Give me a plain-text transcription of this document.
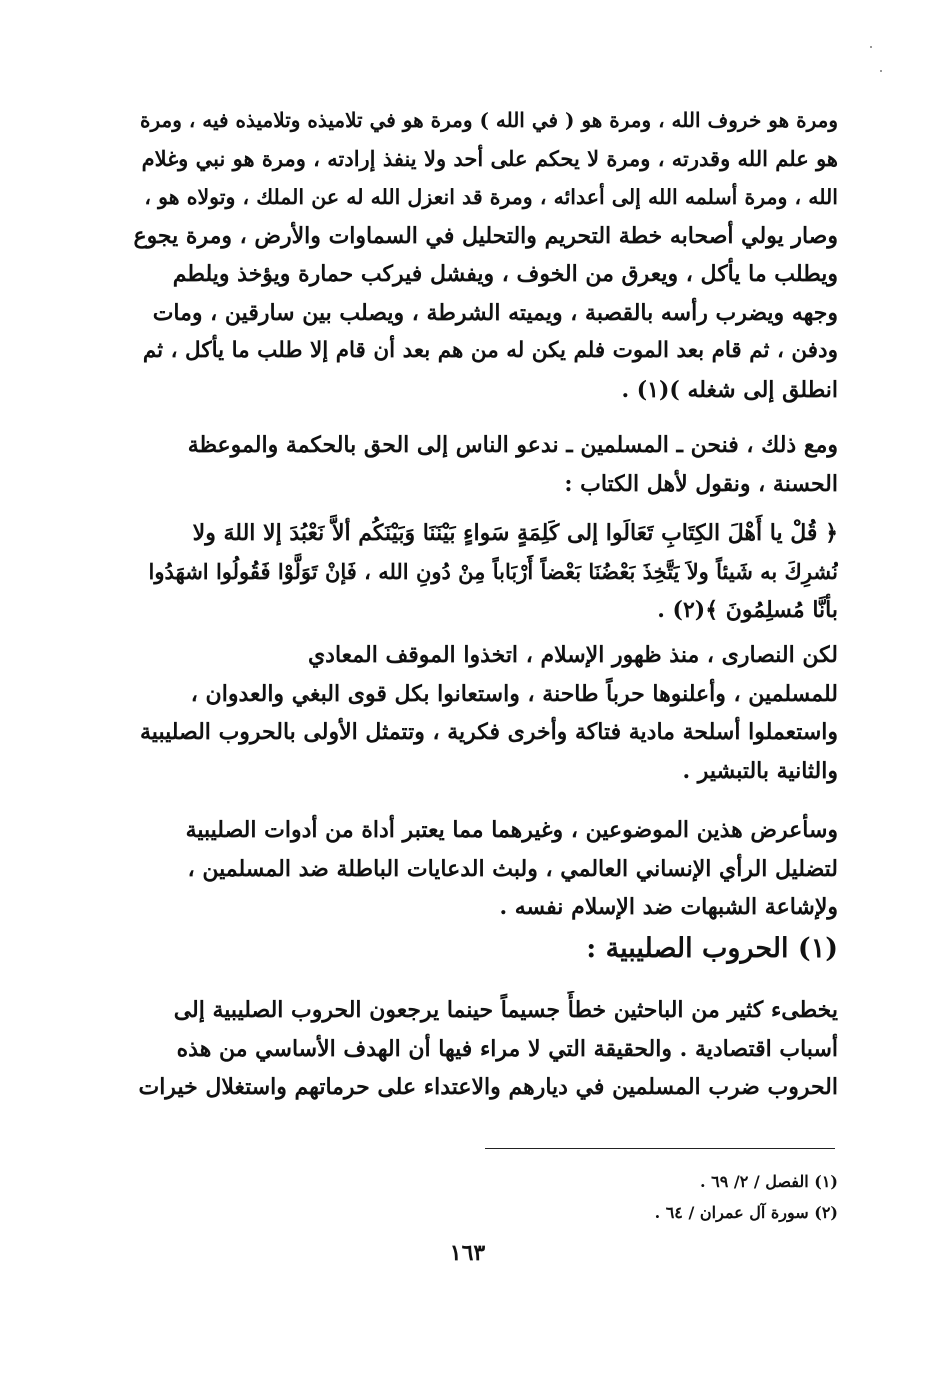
ومرة هو خروف الله ، ومرة هو ( في الله ) ومرة هو في تلاميذه وتلاميذه فيه ، ومرة
هو علم الله وقدرته ، ومرة لا يحكم على أحد ولا ينفذ إرادته ، ومرة هو نبي وغلام
الله ، ومرة أسلمه الله إلى أعدائه ، ومرة قد انعزل الله له عن الملك ، وتولاه هو ،
وصار يولي أصحابه خطة التحريم والتحليل في السماوات والأرض ، ومرة يجوع
ويطلب ما يأكل ، ويعرق من الخوف ، ويفشل فيركب حمارة ويؤخذ ويلطم
وجهه ويضرب رأسه بالقصبة ، ويميته الشرطة ، ويصلب بين سارقين ، ومات
ودفن ، ثم قام بعد الموت فلم يكن له من هم بعد أن قام إلا طلب ما يأكل ، ثم
انطلق إلى شغله )(١) .
ومع ذلك ، فنحن ـ المسلمين ـ ندعو الناس إلى الحق بالحكمة والموعظة
الحسنة ، ونقول لأهل الكتاب :
﴿ قُلْ يا أَهْلَ الكِتَابِ تَعَالَوا إلى كَلِمَةٍ سَواءٍ بَيْنَنَا وَبَيْنَكُم ألاَّ نَعْبُدَ إلا اللهَ ولا
نُشرِكَ به شَيئاً ولاَ يَتَّخِذَ بَعْضُنَا بَعْضاً أَرْبَاباً مِنْ دُونِ الله ، فَإنْ تَوَلَّوْا فَقُولُوا اشهَدُوا
بأنَّا مُسلِمُونَ ﴾(٢) .
لكن النصارى ، منذ ظهور الإسلام ، اتخذوا الموقف المعادي
للمسلمين ، وأعلنوها حرباً طاحنة ، واستعانوا بكل قوى البغي والعدوان ،
واستعملوا أسلحة مادية فتاكة وأخرى فكرية ، وتتمثل الأولى بالحروب الصليبية
والثانية بالتبشير .
وسأعرض هذين الموضوعين ، وغيرهما مما يعتبر أداة من أدوات الصليبية
لتضليل الرأي الإنساني العالمي ، ولبث الدعايات الباطلة ضد المسلمين ،
ولإشاعة الشبهات ضد الإسلام نفسه .
(١) الحروب الصليبية :
يخطىء كثير من الباحثين خطأً جسيماً حينما يرجعون الحروب الصليبية إلى
أسباب اقتصادية . والحقيقة التي لا مراء فيها أن الهدف الأساسي من هذه
الحروب ضرب المسلمين في ديارهم والاعتداء على حرماتهم واستغلال خيرات
(١) الفصل / ٢/ ٦٩ .
(٢) سورة آل عمران / ٦٤ .
١٦٣
